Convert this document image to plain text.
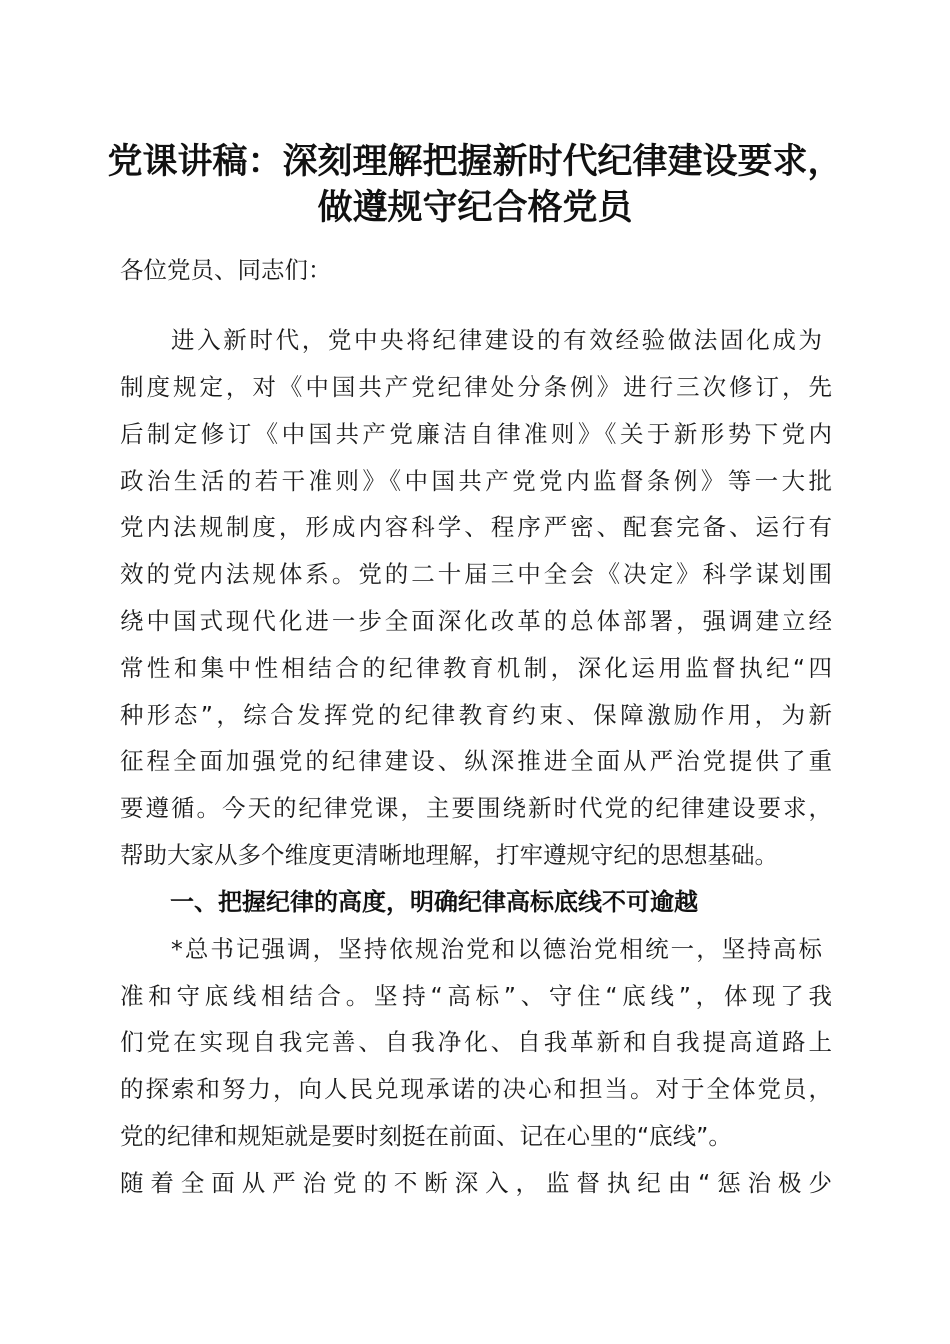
党课讲稿：深刻理解把握新时代纪律建设要求，
做遵规守纪合格党员
各位党员、同志们：
进入新时代，党中央将纪律建设的有效经验做法固化成为
制度规定，对《中国共产党纪律处分条例》进行三次修订，先
后制定修订《中国共产党廉洁自律准则》《关于新形势下党内
政治生活的若干准则》《中国共产党党内监督条例》等一大批
党内法规制度，形成内容科学、程序严密、配套完备、运行有
效的党内法规体系。党的二十届三中全会《决定》科学谋划围
绕中国式现代化进一步全面深化改革的总体部署，强调建立经
常性和集中性相结合的纪律教育机制，深化运用监督执纪“四
种形态”，综合发挥党的纪律教育约束、保障激励作用，为新
征程全面加强党的纪律建设、纵深推进全面从严治党提供了重
要遵循。今天的纪律党课，主要围绕新时代党的纪律建设要求，
帮助大家从多个维度更清晰地理解，打牢遵规守纪的思想基础。
一、把握纪律的高度，明确纪律高标底线不可逾越
*总书记强调，坚持依规治党和以德治党相统一，坚持高标
准和守底线相结合。坚持“高标”、守住“底线”，体现了我
们党在实现自我完善、自我净化、自我革新和自我提高道路上
的探索和努力，向人民兑现承诺的决心和担当。对于全体党员，
党的纪律和规矩就是要时刻挺在前面、记在心里的“底线”。
随着全面从严治党的不断深入，监督执纪由“惩治极少
